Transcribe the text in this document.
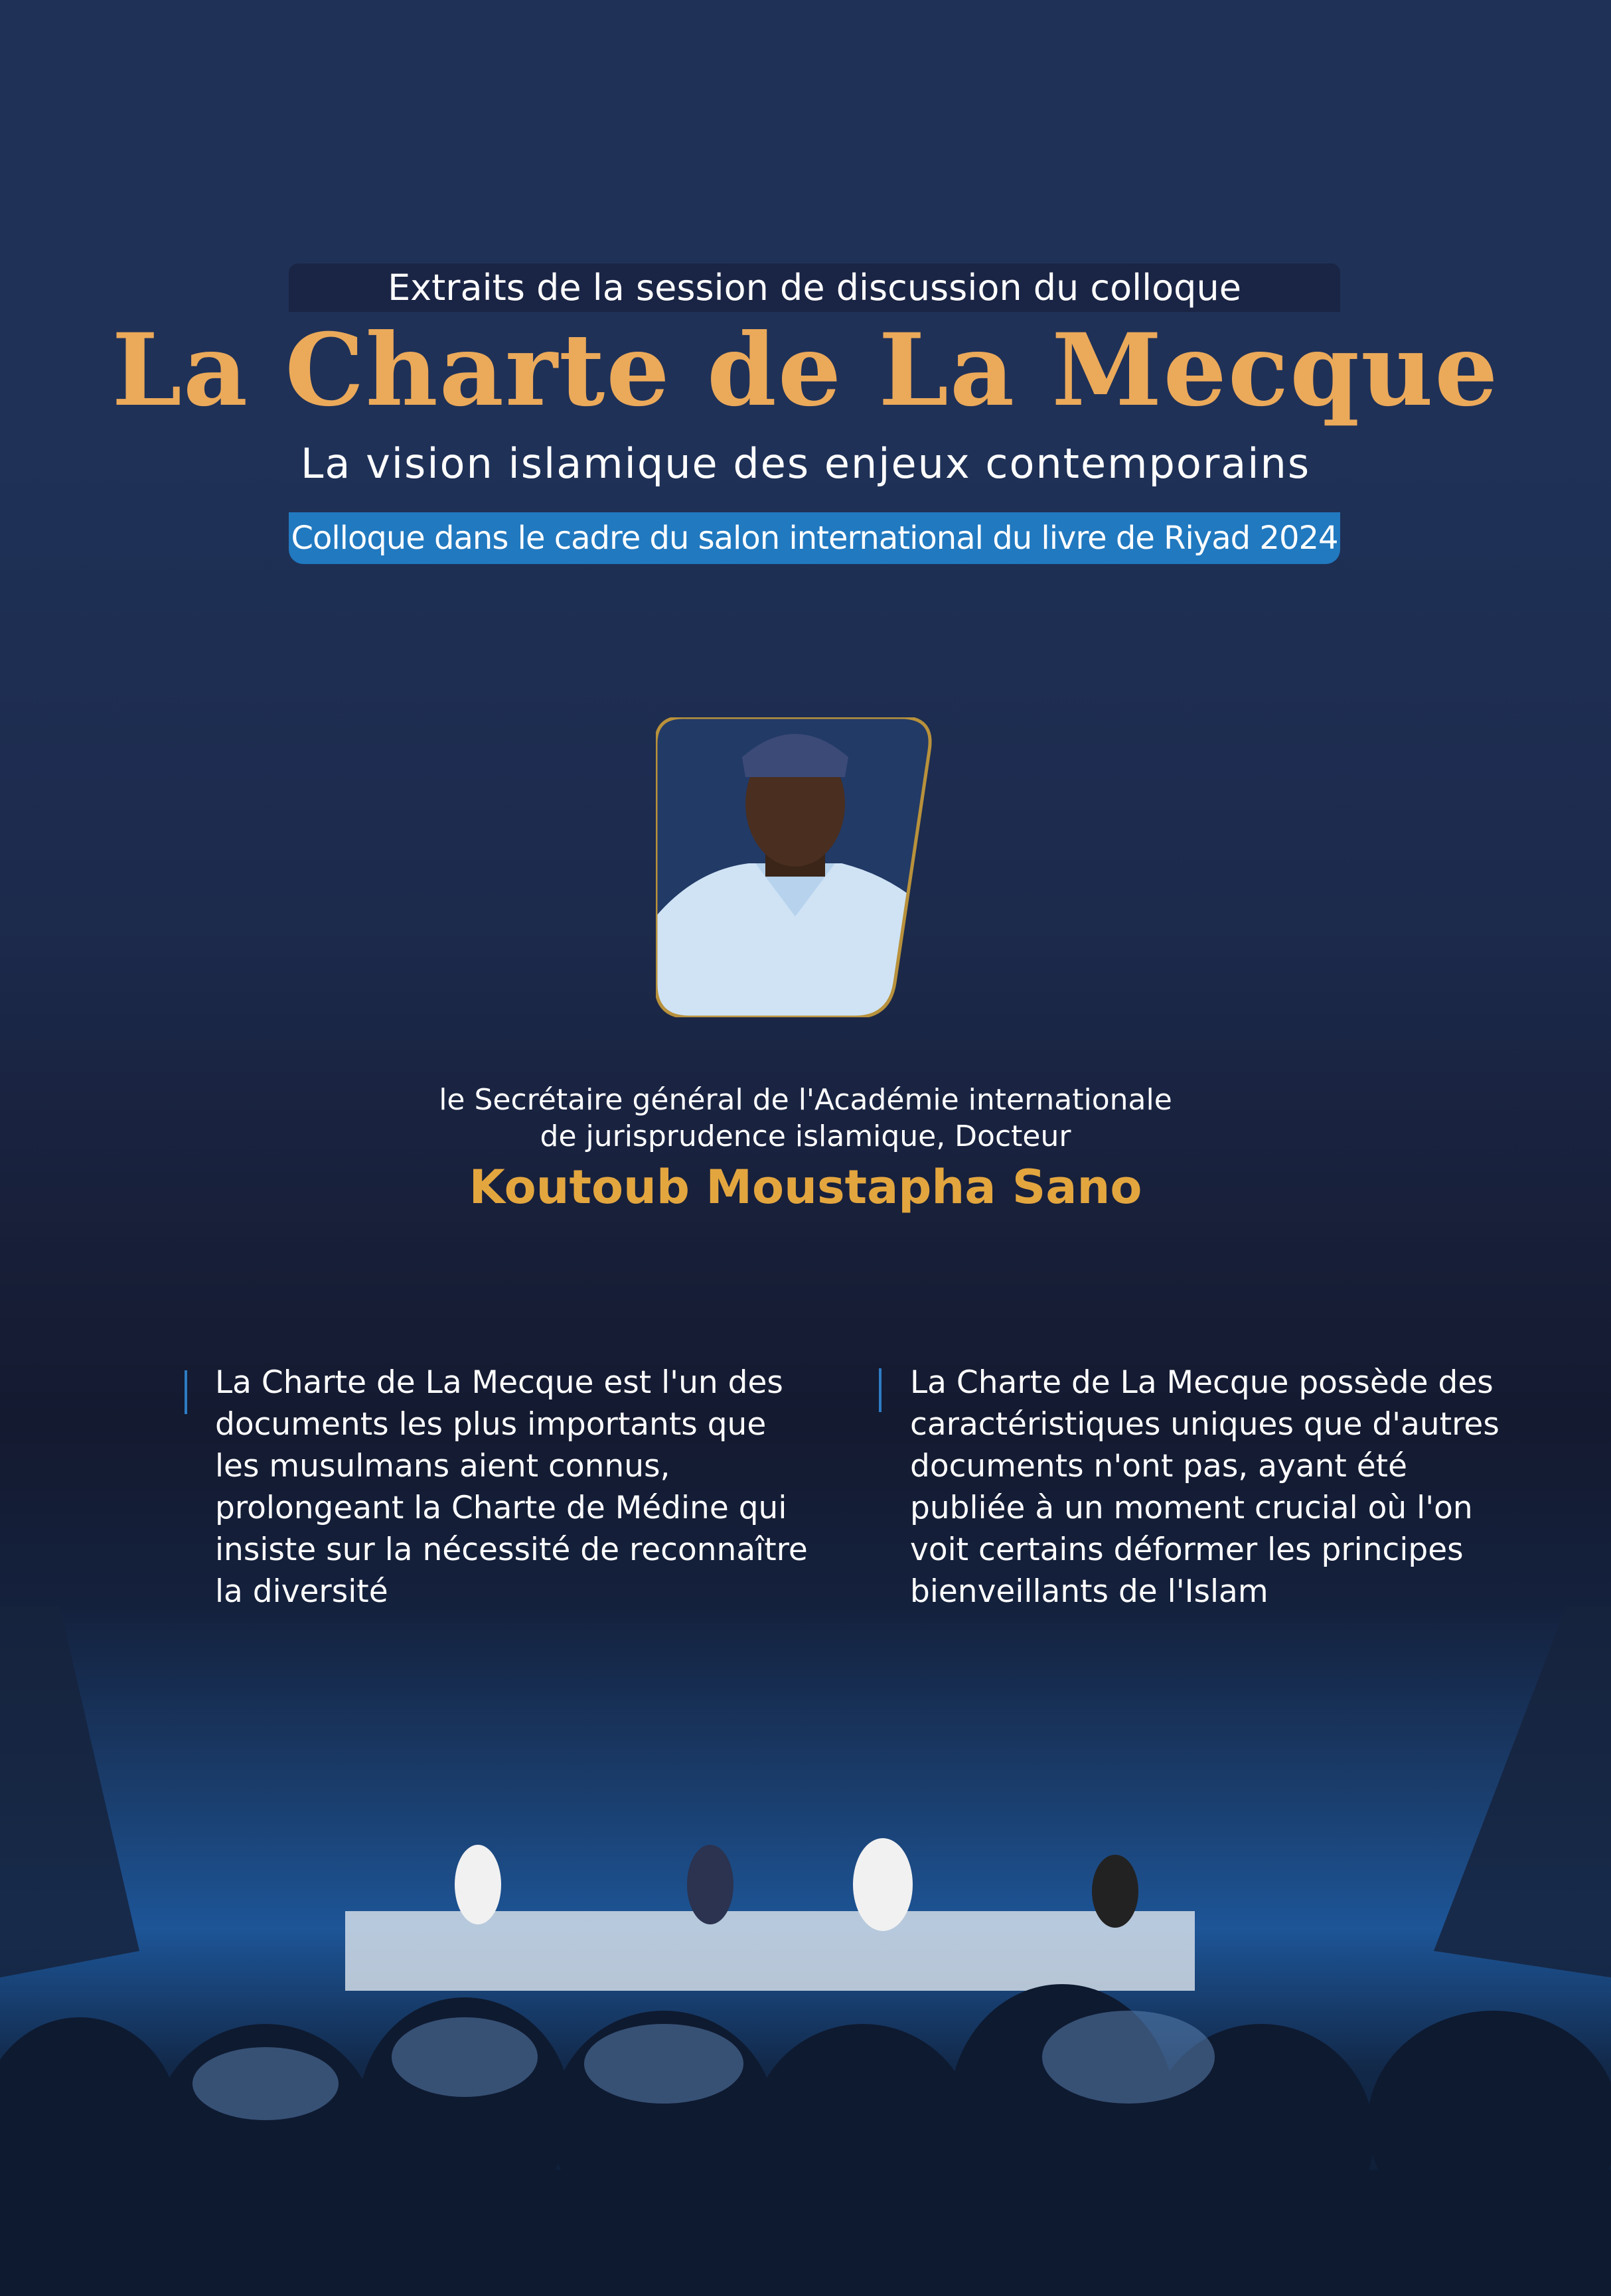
Extraits de la session de discussion du colloque
La Charte de La Mecque
La vision islamique des enjeux contemporains
Colloque dans le cadre du salon international du livre de Riyad 2024
le Secrétaire général de l'Académie internationale
de jurisprudence islamique, Docteur
Koutoub Moustapha Sano
La Charte de La Mecque est l'un des
documents les plus importants que
les musulmans aient connus,
prolongeant la Charte de Médine qui
insiste sur la nécessité de reconnaître
la diversité
La Charte de La Mecque possède des
caractéristiques uniques que d'autres
documents n'ont pas, ayant été
publiée à un moment crucial où l'on
voit certains déformer les principes
bienveillants de l'Islam
